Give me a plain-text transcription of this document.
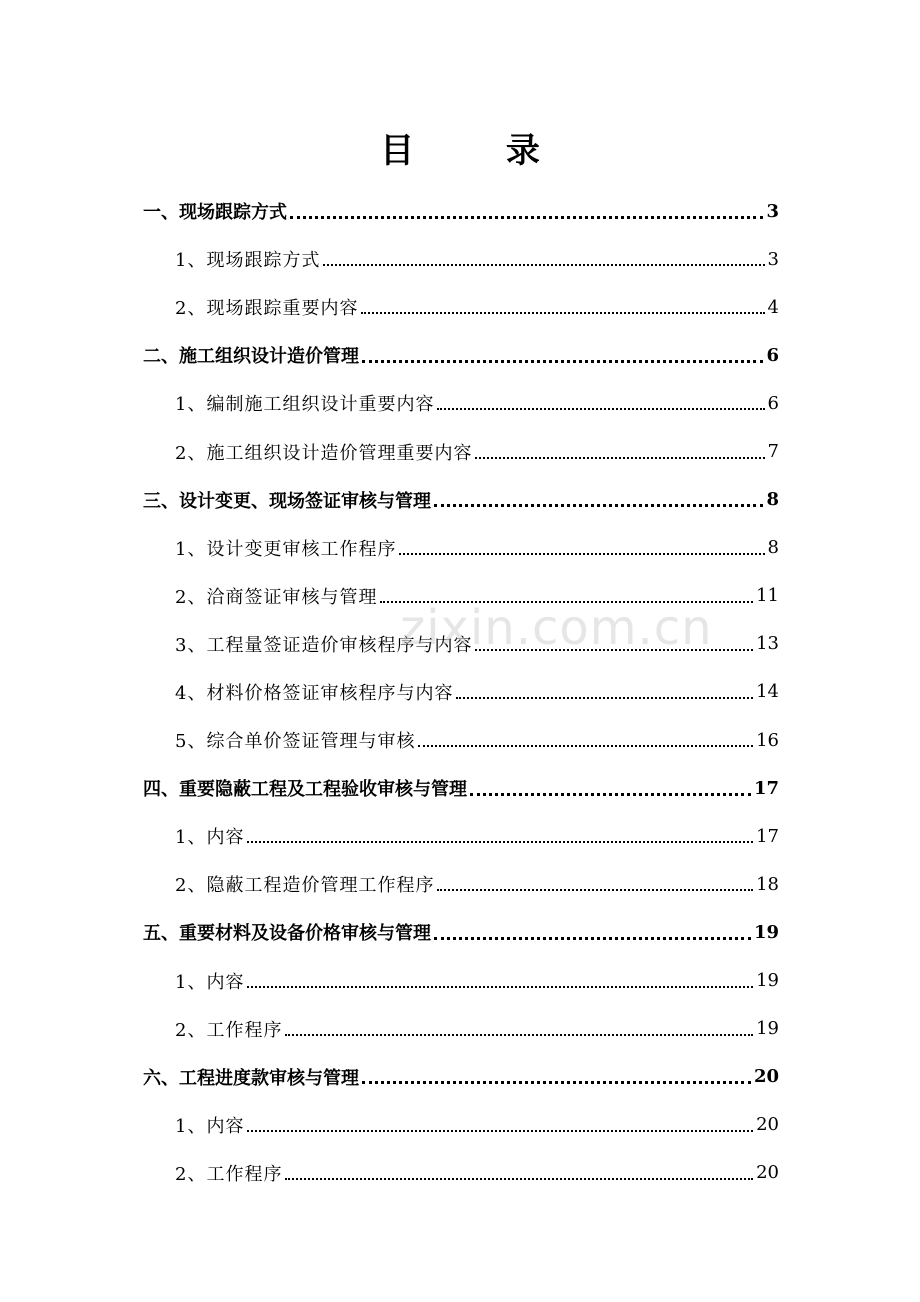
目 录
一、现场跟踪方式	3
1、现场跟踪方式	3
2、现场跟踪重要内容	4
二、施工组织设计造价管理	6
1、编制施工组织设计重要内容	6
2、施工组织设计造价管理重要内容	7
三、设计变更、现场签证审核与管理	8
1、设计变更审核工作程序	8
2、洽商签证审核与管理	11
3、工程量签证造价审核程序与内容	13
4、材料价格签证审核程序与内容	14
5、综合单价签证管理与审核	16
四、重要隐蔽工程及工程验收审核与管理	17
1、内容	17
2、隐蔽工程造价管理工作程序	18
五、重要材料及设备价格审核与管理	19
1、内容	19
2、工作程序	19
六、工程进度款审核与管理	20
1、内容	20
2、工作程序	20
zixin.com.cn
